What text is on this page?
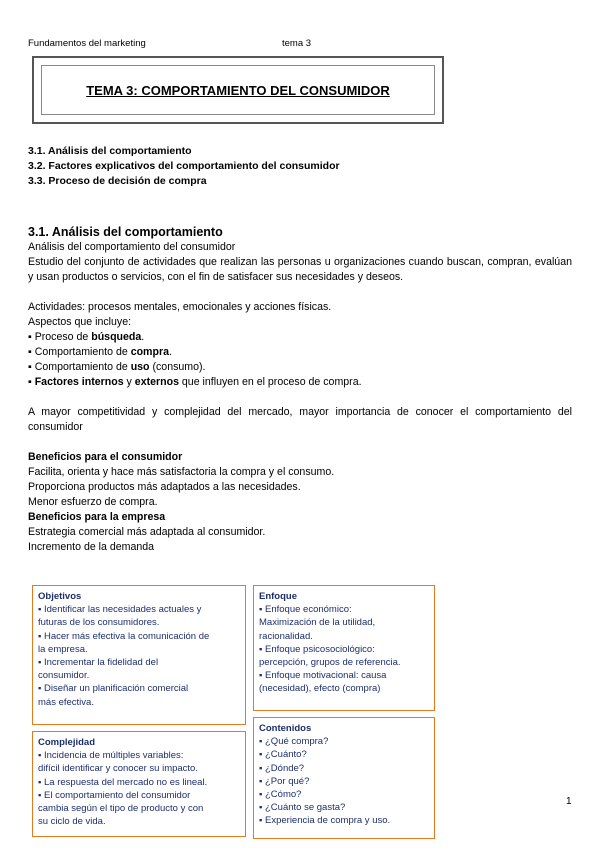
Fundamentos del marketing	tema 3
TEMA 3: COMPORTAMIENTO DEL CONSUMIDOR
3.1. Análisis del comportamiento
3.2. Factores explicativos del comportamiento del consumidor
3.3. Proceso de decisión de compra
3.1. Análisis del comportamiento
Análisis del comportamiento del consumidor
Estudio del conjunto de actividades que realizan las personas u organizaciones cuando buscan, compran, evalúan y usan productos o servicios, con el fin de satisfacer sus necesidades y deseos.
Actividades: procesos mentales, emocionales y acciones físicas.
Aspectos que incluye:
▪ Proceso de búsqueda.
▪ Comportamiento de compra.
▪ Comportamiento de uso (consumo).
▪ Factores internos y externos que influyen en el proceso de compra.
A mayor competitividad y complejidad del mercado, mayor importancia de conocer el comportamiento del consumidor
Beneficios para el consumidor
Facilita, orienta y hace más satisfactoria la compra y el consumo.
Proporciona productos más adaptados a las necesidades.
Menor esfuerzo de compra.
Beneficios para la empresa
Estrategia comercial más adaptada al consumidor.
Incremento de la demanda
Objetivos
▪ Identificar las necesidades actuales y
futuras de los consumidores.
▪ Hacer más efectiva la comunicación de
la empresa.
▪ Incrementar la fidelidad del
consumidor.
▪ Diseñar un planificación comercial
más efectiva.
Enfoque
▪ Enfoque económico:
Maximización de la utilidad,
racionalidad.
▪ Enfoque psicosociológico:
percepción, grupos de referencia.
▪ Enfoque motivacional: causa
(necesidad), efecto (compra)
Complejidad
▪ Incidencia de múltiples variables:
difícil identificar y conocer su impacto.
▪ La respuesta del mercado no es lineal.
▪ El comportamiento del consumidor
cambia según el tipo de producto y con
su ciclo de vida.
Contenidos
▪ ¿Qué compra?
▪ ¿Cuánto?
▪ ¿Dónde?
▪ ¿Por qué?
▪ ¿Cómo?
▪ ¿Cuánto se gasta?
▪ Experiencia de compra y uso.
1
